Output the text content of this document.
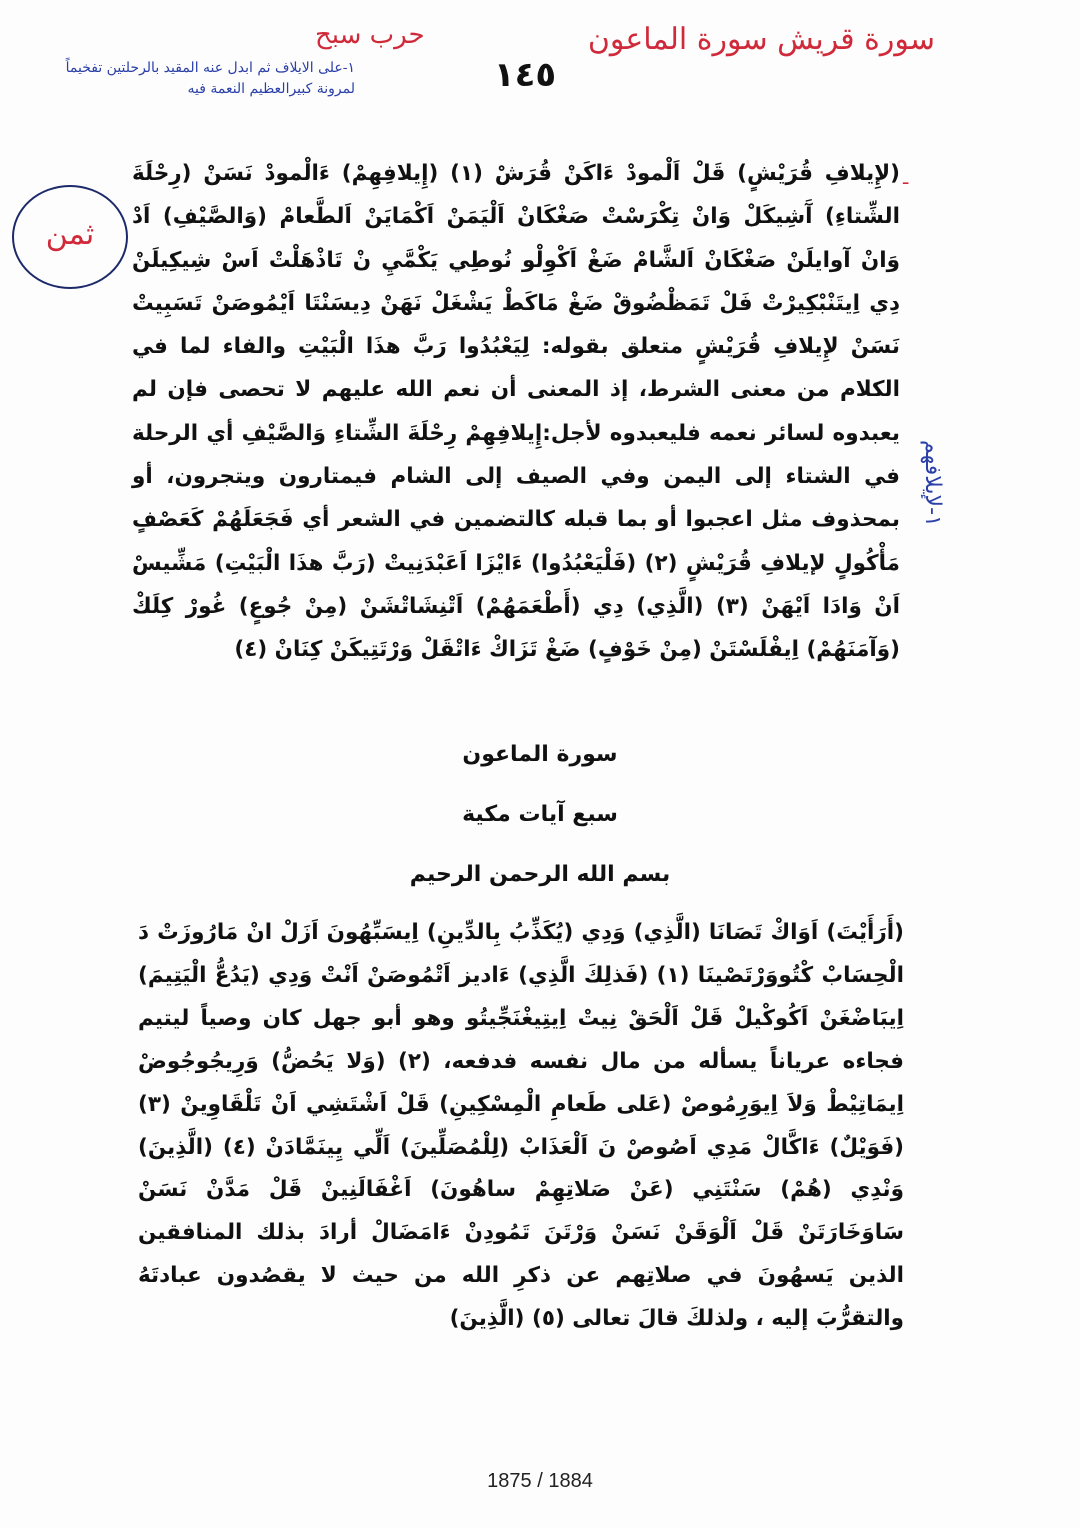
حرب سبح	سورة قريش سورة الماعون
١٤٥
١-على الايلاف ثم ابدل عنه المقيد بالرحلتين تفخيماً لمرونة كبيرالعظيم النعمة فيه
ثمن
ـ
١-لإيلافهم
(لإِيلافِ قُرَيْشٍ) قَلْ اَلْمودْ ءَاكَنْ قُرَشْ (١) (إِيلافِهِمْ) ءَالْمودْ نَسَنْ (رِحْلَةَ الشِّتاءِ) آَشِيكَلْ وَانْ تِكْرَسْتْ صَغْكَانْ اَلْيَمَنْ اَكْمَايَنْ اَلطَّعامْ (وَالصَّيْفِ) اَدْ وَانْ آوايلَنْ صَغْكَانْ اَلشَّامْ ضَغْ اَكْوِلْو نُوطِي يَكْمَّيِ نْ تَاذْهَلْتْ اَسْ شِيكِيلَنْ دِي اِيتَنْبْكِيرْتْ فَلْ تَمَظْضُوقْ ضَغْ مَاكَطْ يَشْغَلْ نَهَنْ دِيسَنْتَا اَيْمُوصَنْ تَسَبِيتْ نَسَنْ لإِيلافِ قُرَيْشٍ متعلق بقوله: لِيَعْبُدُوا رَبَّ هذَا الْبَيْتِ والفاء لما في الكلام من معنى الشرط، إذ المعنى أن نعم الله عليهم لا تحصى فإن لم يعبدوه لسائر نعمه فليعبدوه لأجل:إِيلافِهِمْ رِحْلَةَ الشِّتاءِ وَالصَّيْفِ أي الرحلة في الشتاء إلى اليمن وفي الصيف إلى الشام فيمتارون ويتجرون، أو بمحذوف مثل اعجبوا أو بما قبله كالتضمين في الشعر أي فَجَعَلَهُمْ كَعَصْفٍ مَأْكُولٍ لإيلافِ قُرَيْشٍ (٢) (فَلْيَعْبُدُوا) ءَايْزَا اَعَبْدَنِيتْ (رَبَّ هذَا الْبَيْتِ) مَشِّيسْ اَنْ وَادَا اَيْهَنْ (٣) (الَّذِي) دِي (أَطْعَمَهُمْ) اَتْنِشَاتْشَنْ (مِنْ جُوعٍ) غُورْ كِلَكْ (وَآمَنَهُمْ) اِيفْلَسْتَنْ (مِنْ خَوْفٍ) ضَغْ تَزَاكْ ءَاتْقَلْ وَرْتَتِيكَنْ كِنَانْ (٤)
سورة الماعون
سبع آيات مكية
بسم الله الرحمن الرحيم
(أَرَأَيْتَ) اَوَاكْ تَصَانَا (الَّذِي) وَدِي (يُكَذِّبُ بِالدِّينِ) اِيسَبِّهُونَ اَزَلْ انْ مَارُوزَتْ دَ الْحِسَابْ كْتُووَرْتَصْينَا (١) (فَذلِكَ الَّذِي) ءَاديز اَتْمُوصَنْ اَنْتْ وَدِي (يَدُعُّ الْيَتِيمَ) اِيبَاضْغَنْ اَكُوكْيلْ قَلْ اَلْحَقْ نِيتْ اِيتِيغْنَجِّيتُو وهو أبو جهل كان وصياً ليتيم فجاءه عرياناً يسأله من مال نفسه فدفعه، (٢) (وَلا يَحُضُّ) وَرِيجُوجُوضْ اِيمَاتِيْطْ وَلاَ اِيوَرِمُوصْ (عَلى طَعامِ الْمِسْكِينِ) قَلْ اَشْتَشِي اَنْ تَلْقَاوِينْ (٣) (فَوَيْلٌ) ءَاكَّالْ مَدِي اَصُوصْ نَ اَلْعَذَابْ (لِلْمُصَلِّينَ) اَلِّي يِينَمَّادَنْ (٤) (الَّذِينَ) وَنْدِي (هُمْ) سَنْتَنِي (عَنْ صَلاتِهِمْ ساهُونَ) اَغْفَالَنِينْ قَلْ مَدَّنْ نَسَنْ سَاوَخَارَتَنْ قَلْ اَلْوَقَنْ نَسَنْ وَرْتَنَ تَمُودِنْ ءَامَضَالْ أرادَ بذلك المنافقين الذين يَسهُونَ في صلاتِهم عن ذكرِ الله من حيث لا يقصُدون عبادتَهُ والتقرُّبَ إليه ، ولذلكَ قالَ تعالى (٥) (الَّذِينَ)
1875 / 1884
